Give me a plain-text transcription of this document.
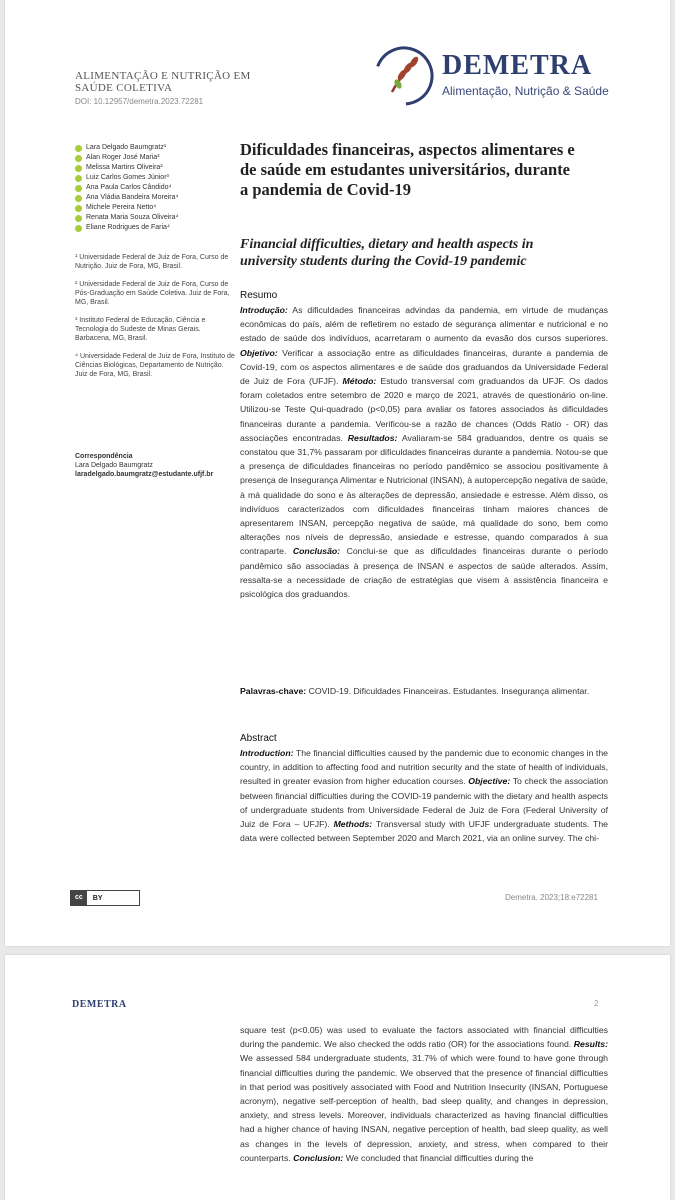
ALIMENTAÇÃO E NUTRIÇÃO EM SAÚDE COLETIVA
DOI: 10.12957/demetra.2023.72281
DEMETRA
Alimentação, Nutrição & Saúde
Lara Delgado Baumgratz¹
Alan Roger José Maria²
Melissa Martins Oliveira²
Luiz Carlos Gomes Júnior³
Ana Paula Carlos Cândido⁴
Ana Vládia Bandeira Moreira⁴
Michele Pereira Netto⁴
Renata Maria Souza Oliveira⁴
Eliane Rodrigues de Faria⁴

¹ Universidade Federal de Juiz de Fora, Curso de Nutrição. Juiz de Fora, MG, Brasil.

² Universidade Federal de Juiz de Fora, Curso de Pós-Graduação em Saúde Coletiva. Juiz de Fora, MG, Brasil.

³ Instituto Federal de Educação, Ciência e Tecnologia do Sudeste de Minas Gerais. Barbacena, MG, Brasil.

⁴ Universidade Federal de Juiz de Fora, Instituto de Ciências Biológicas, Departamento de Nutrição. Juiz de Fora, MG, Brasil.

Correspondência
Lara Delgado Baumgratz
laradelgado.baumgratz@estudante.ufjf.br
Dificuldades financeiras, aspectos alimentares e de saúde em estudantes universitários, durante a pandemia de Covid-19
Financial difficulties, dietary and health aspects in university students during the Covid-19 pandemic
Resumo

Introdução: As dificuldades financeiras advindas da pandemia, em virtude de mudanças econômicas do país, além de refletirem no estado de segurança alimentar e nutricional e no estado de saúde dos indivíduos, acarretaram o aumento da evasão dos cursos superiores. Objetivo: Verificar a associação entre as dificuldades financeiras, durante a pandemia de Covid-19, com os aspectos alimentares e de saúde dos graduandos da Universidade Federal de Juiz de Fora (UFJF). Método: Estudo transversal com graduandos da UFJF. Os dados foram coletados entre setembro de 2020 e março de 2021, através de questionário on-line. Utilizou-se Teste Qui-quadrado (p<0,05) para avaliar os fatores associados às dificuldades financeiras durante a pandemia. Verificou-se a razão de chances (Odds Ratio - OR) das associações encontradas. Resultados: Avaliaram-se 584 graduandos, dentre os quais se constatou que 31,7% passaram por dificuldades financeiras durante a pandemia. Notou-se que a presença de dificuldades financeiras no período pandêmico se associou positivamente à presença de Insegurança Alimentar e Nutricional (INSAN), à autopercepção negativa de saúde, à má qualidade do sono e às alterações de depressão, ansiedade e estresse. Além disso, os indivíduos caracterizados com dificuldades financeiras tinham maiores chances de apresentarem INSAN, percepção negativa de saúde, má qualidade do sono, bem como alterações nos níveis de depressão, ansiedade e estresse, quando comparados à sua contraparte. Conclusão: Conclui-se que as dificuldades financeiras durante o período pandêmico são associadas à presença de INSAN e aspectos de saúde alterados. Assim, ressalta-se a necessidade de criação de estratégias que visem à assistência financeira e psicológica dos graduandos.

Palavras-chave: COVID-19. Dificuldades Financeiras. Estudantes. Insegurança alimentar.

Abstract

Introduction: The financial difficulties caused by the pandemic due to economic changes in the country, in addition to affecting food and nutrition security and the state of health of individuals, resulted in greater evasion from higher education courses. Objective: To check the association between financial difficulties during the COVID-19 pandemic with the dietary and health aspects of undergraduate students from Universidade Federal de Juiz de Fora (Federal University of Juiz de Fora – UFJF). Methods: Transversal study with UFJF undergraduate students. The data were collected between September 2020 and March 2021, via an online survey. The chi-

cc	BY	Demetra. 2023;18:e72281
DEMETRA	2

square test (p<0.05) was used to evaluate the factors associated with financial difficulties during the pandemic. We also checked the odds ratio (OR) for the associations found. Results: We assessed 584 undergraduate students, 31.7% of which were found to have gone through financial difficulties during the pandemic. We observed that the presence of financial difficulties in that period was positively associated with Food and Nutrition Insecurity (INSAN, Portuguese acronym), negative self-perception of health, bad sleep quality, and changes in depression, anxiety, and stress levels. Moreover, individuals characterized as having financial difficulties had a higher chance of having INSAN, negative perception of health, bad sleep quality, as well as changes in the levels of depression, anxiety, and stress, when compared to their counterparts. Conclusion: We concluded that financial difficulties during the
